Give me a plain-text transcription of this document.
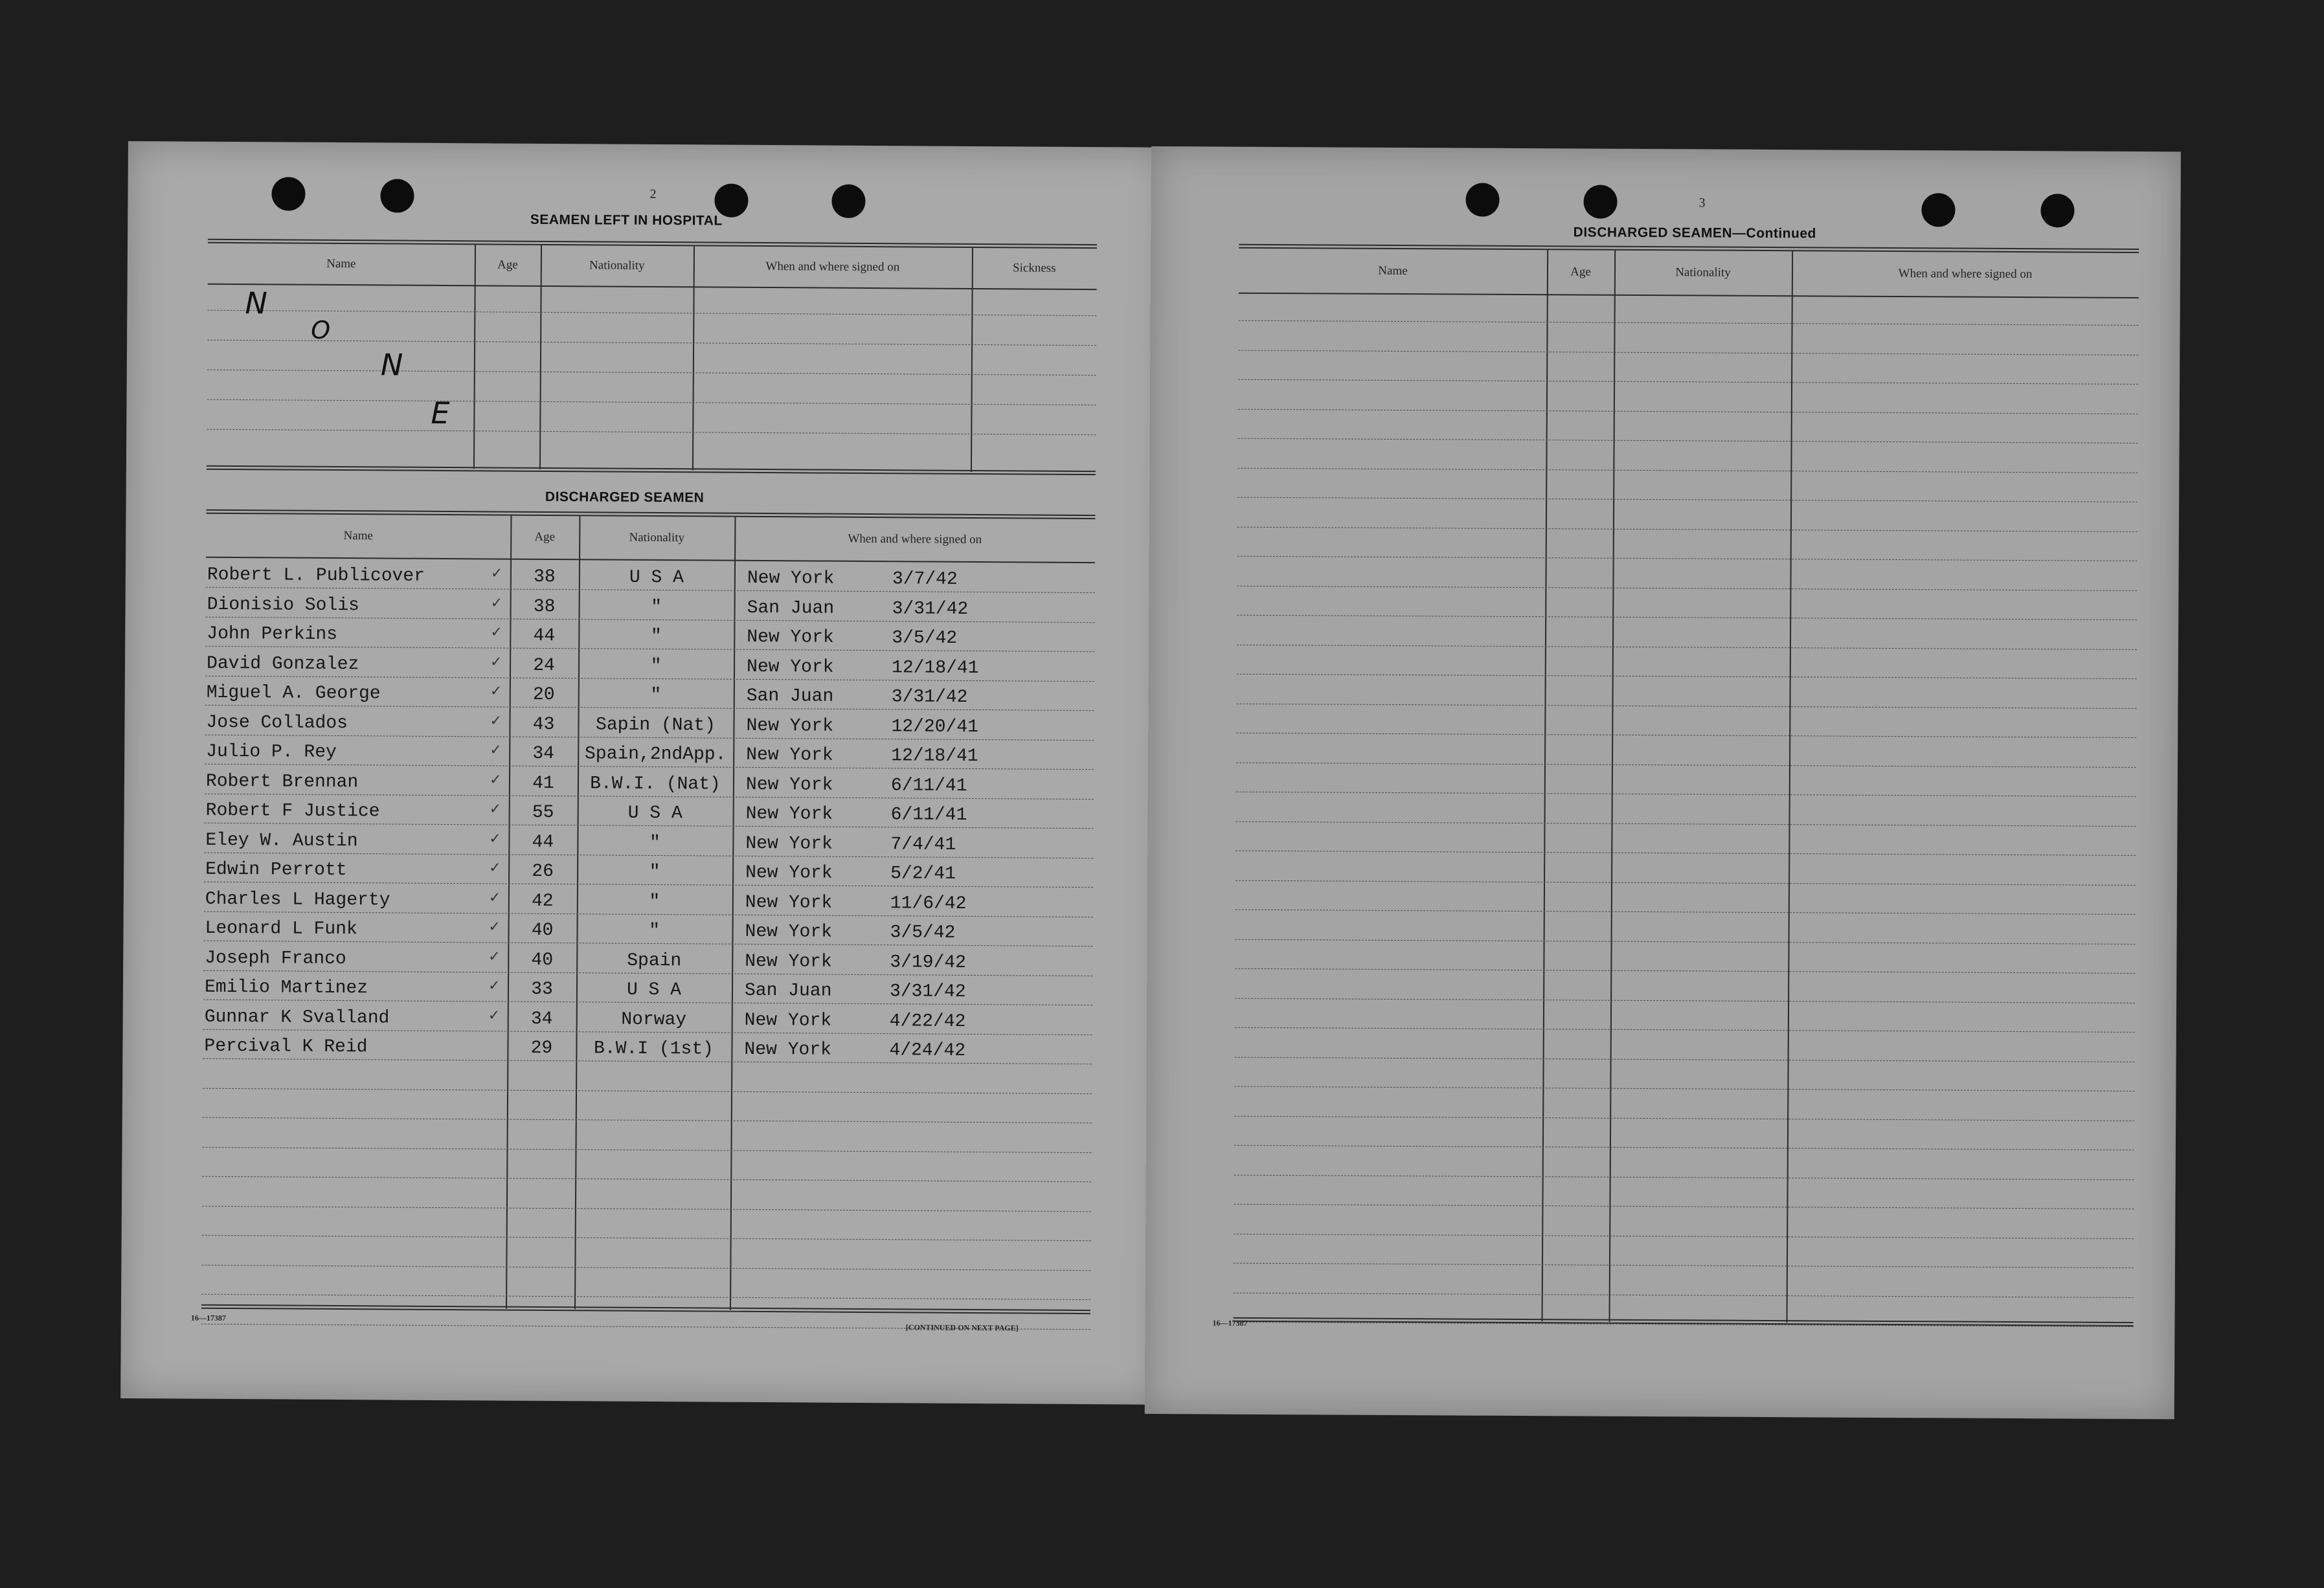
2
SEAMEN LEFT IN HOSPITAL
Name	Age	Nationality	When and where signed on	Sickness
N
O
N
E
DISCHARGED SEAMEN
Name	Age	Nationality	When and where signed on
Robert L. Publicover	38	U S A	New York	3/7/42
✓
Dionisio Solis	38	"	San Juan	3/31/42
✓
John Perkins	44	"	New York	3/5/42
✓
David Gonzalez	24	"	New York	12/18/41
✓
Miguel A. George	20	"	San Juan	3/31/42
✓
Jose Collados	43	Sapin (Nat)	New York	12/20/41
✓
Julio P. Rey	34	Spain,2ndApp.	New York	12/18/41
✓
Robert Brennan	41	B.W.I. (Nat)	New York	6/11/41
✓
Robert F Justice	55	U S A	New York	6/11/41
✓
Eley W. Austin	44	"	New York	7/4/41
✓
Edwin Perrott	26	"	New York	5/2/41
✓
Charles L Hagerty	42	"	New York	11/6/42
✓
Leonard L Funk	40	"	New York	3/5/42
✓
Joseph Franco	40	Spain	New York	3/19/42
✓
Emilio Martinez	33	U S A	San Juan	3/31/42
✓
Gunnar K Svalland	34	Norway	New York	4/22/42
✓
Percival K Reid	29	B.W.I (1st)	New York	4/24/42
16—17387
[CONTINUED ON NEXT PAGE]
3
DISCHARGED SEAMEN—Continued
Name	Age	Nationality	When and where signed on
16—17387
